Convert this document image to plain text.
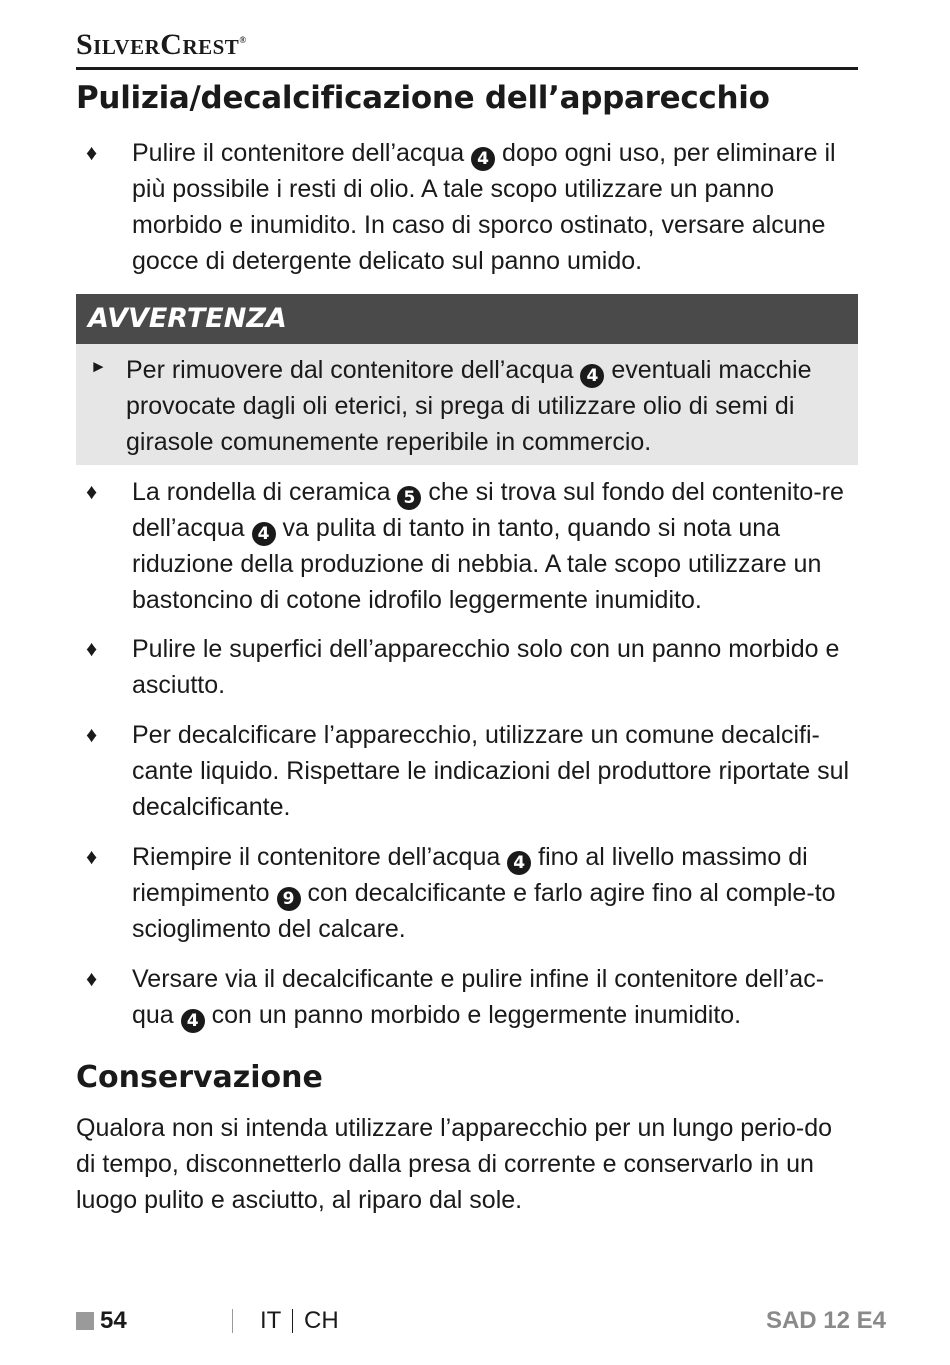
SilverCrest®
Pulizia/decalcificazione dell’apparecchio
♦ Pulire il contenitore dell’acqua 4 dopo ogni uso, per eliminare il più possibile i resti di olio. A tale scopo utilizzare un panno morbido e inumidito. In caso di sporco ostinato, versare alcune gocce di detergente delicato sul panno umido.
AVVERTENZA
► Per rimuovere dal contenitore dell’acqua 4 eventuali macchie provocate dagli oli eterici, si prega di utilizzare olio di semi di girasole comunemente reperibile in commercio.
♦ La rondella di ceramica 5 che si trova sul fondo del contenito-re dell’acqua 4 va pulita di tanto in tanto, quando si nota una riduzione della produzione di nebbia. A tale scopo utilizzare un bastoncino di cotone idrofilo leggermente inumidito.
♦ Pulire le superfici dell’apparecchio solo con un panno morbido e asciutto.
♦ Per decalcificare l’apparecchio, utilizzare un comune decalcifi-cante liquido. Rispettare le indicazioni del produttore riportate sul decalcificante.
♦ Riempire il contenitore dell’acqua 4 fino al livello massimo di riempimento 9 con decalcificante e farlo agire fino al comple-to scioglimento del calcare.
♦ Versare via il decalcificante e pulire infine il contenitore dell’ac-qua 4 con un panno morbido e leggermente inumidito.
Conservazione
Qualora non si intenda utilizzare l’apparecchio per un lungo perio-do di tempo, disconnetterlo dalla presa di corrente e conservarlo in un luogo pulito e asciutto, al riparo dal sole.
54	IT CH	SAD 12 E4
